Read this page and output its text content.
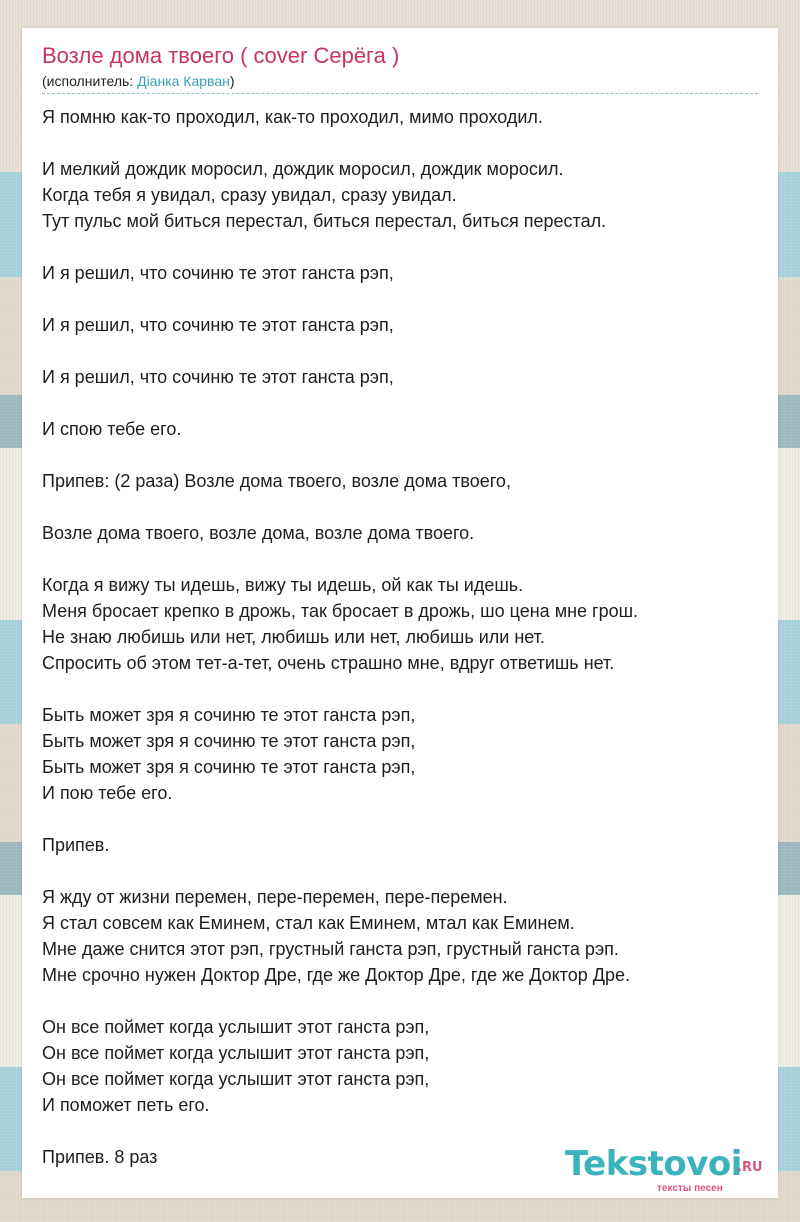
Возле дома твоего ( cover Серёга )
(исполнитель: Діанка Карван)
Я помню как-то проходил, как-то проходил, мимо проходил.
И мелкий дождик моросил, дождик моросил, дождик моросил.
Когда тебя я увидал, сразу увидал, сразу увидал.
Тут пульс мой биться перестал, биться перестал, биться перестал.
И я решил, что сочиню те этот ганста рэп,
И я решил, что сочиню те этот ганста рэп,
И я решил, что сочиню те этот ганста рэп,
И спою тебе его.
Припев: (2 раза) Возле дома твоего, возле дома твоего,
Возле дома твоего, возле дома, возле дома твоего.
Когда я вижу ты идешь, вижу ты идешь, ой как ты идешь.
Меня бросает крепко в дрожь, так бросает в дрожь, шо цена мне грош.
Не знаю любишь или нет, любишь или нет, любишь или нет.
Спросить об этом тет-а-тет, очень страшно мне, вдруг ответишь нет.
Быть может зря я сочиню те этот ганста рэп,
Быть может зря я сочиню те этот ганста рэп,
Быть может зря я сочиню те этот ганста рэп,
И пою тебе его.
Припев.
Я жду от жизни перемен, пере-перемен, пере-перемен.
Я стал совсем как Еминем, стал как Еминем, мтал как Еминем.
Мне даже снится этот рэп, грустный ганста рэп, грустный ганста рэп.
Мне срочно нужен Доктор Дре, где же Доктор Дре, где же Доктор Дре.
Он все поймет когда услышит этот ганста рэп,
Он все поймет когда услышит этот ганста рэп,
Он все поймет когда услышит этот ганста рэп,
И поможет петь его.
Припев. 8 раз	Tekstovoi
.RU
тексты песен
